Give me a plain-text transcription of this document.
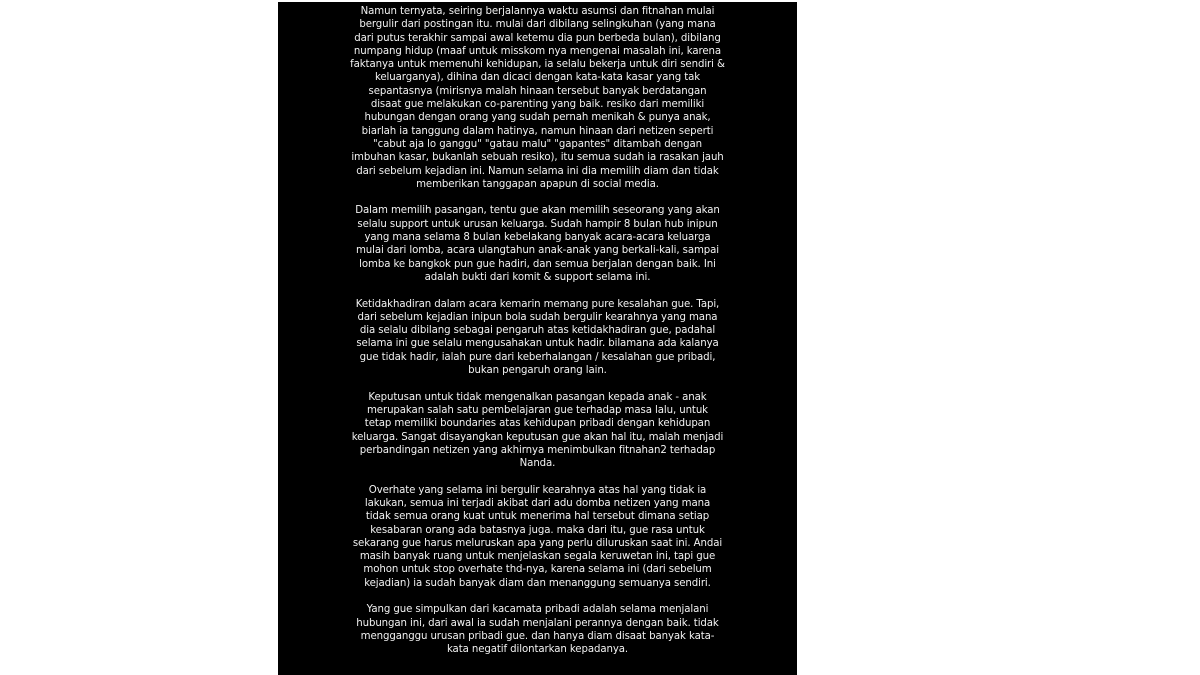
Namun ternyata, seiring berjalannya waktu asumsi dan fitnahan mulai
bergulir dari postingan itu. mulai dari dibilang selingkuhan (yang mana
dari putus terakhir sampai awal ketemu dia pun berbeda bulan), dibilang
numpang hidup (maaf untuk misskom nya mengenai masalah ini, karena
faktanya untuk memenuhi kehidupan, ia selalu bekerja untuk diri sendiri &
keluarganya), dihina dan dicaci dengan kata-kata kasar yang tak
sepantasnya (mirisnya malah hinaan tersebut banyak berdatangan
disaat gue melakukan co-parenting yang baik. resiko dari memiliki
hubungan dengan orang yang sudah pernah menikah & punya anak,
biarlah ia tanggung dalam hatinya, namun hinaan dari netizen seperti
"cabut aja lo ganggu" "gatau malu" "gapantes" ditambah dengan
imbuhan kasar, bukanlah sebuah resiko), itu semua sudah ia rasakan jauh
dari sebelum kejadian ini. Namun selama ini dia memilih diam dan tidak
memberikan tanggapan apapun di social media.
Dalam memilih pasangan, tentu gue akan memilih seseorang yang akan
selalu support untuk urusan keluarga. Sudah hampir 8 bulan hub inipun
yang mana selama 8 bulan kebelakang banyak acara-acara keluarga
mulai dari lomba, acara ulangtahun anak-anak yang berkali-kali, sampai
lomba ke bangkok pun gue hadiri, dan semua berjalan dengan baik. Ini
adalah bukti dari komit & support selama ini.
Ketidakhadiran dalam acara kemarin memang pure kesalahan gue. Tapi,
dari sebelum kejadian inipun bola sudah bergulir kearahnya yang mana
dia selalu dibilang sebagai pengaruh atas ketidakhadiran gue, padahal
selama ini gue selalu mengusahakan untuk hadir. bilamana ada kalanya
gue tidak hadir, ialah pure dari keberhalangan / kesalahan gue pribadi,
bukan pengaruh orang lain.
Keputusan untuk tidak mengenalkan pasangan kepada anak - anak
merupakan salah satu pembelajaran gue terhadap masa lalu, untuk
tetap memiliki boundaries atas kehidupan pribadi dengan kehidupan
keluarga. Sangat disayangkan keputusan gue akan hal itu, malah menjadi
perbandingan netizen yang akhirnya menimbulkan fitnahan2 terhadap
Nanda.
Overhate yang selama ini bergulir kearahnya atas hal yang tidak ia
lakukan, semua ini terjadi akibat dari adu domba netizen yang mana
tidak semua orang kuat untuk menerima hal tersebut dimana setiap
kesabaran orang ada batasnya juga. maka dari itu, gue rasa untuk
sekarang gue harus meluruskan apa yang perlu diluruskan saat ini. Andai
masih banyak ruang untuk menjelaskan segala keruwetan ini, tapi gue
mohon untuk stop overhate thd-nya, karena selama ini (dari sebelum
kejadian) ia sudah banyak diam dan menanggung semuanya sendiri.
Yang gue simpulkan dari kacamata pribadi adalah selama menjalani
hubungan ini, dari awal ia sudah menjalani perannya dengan baik. tidak
mengganggu urusan pribadi gue. dan hanya diam disaat banyak kata-
kata negatif dilontarkan kepadanya.
